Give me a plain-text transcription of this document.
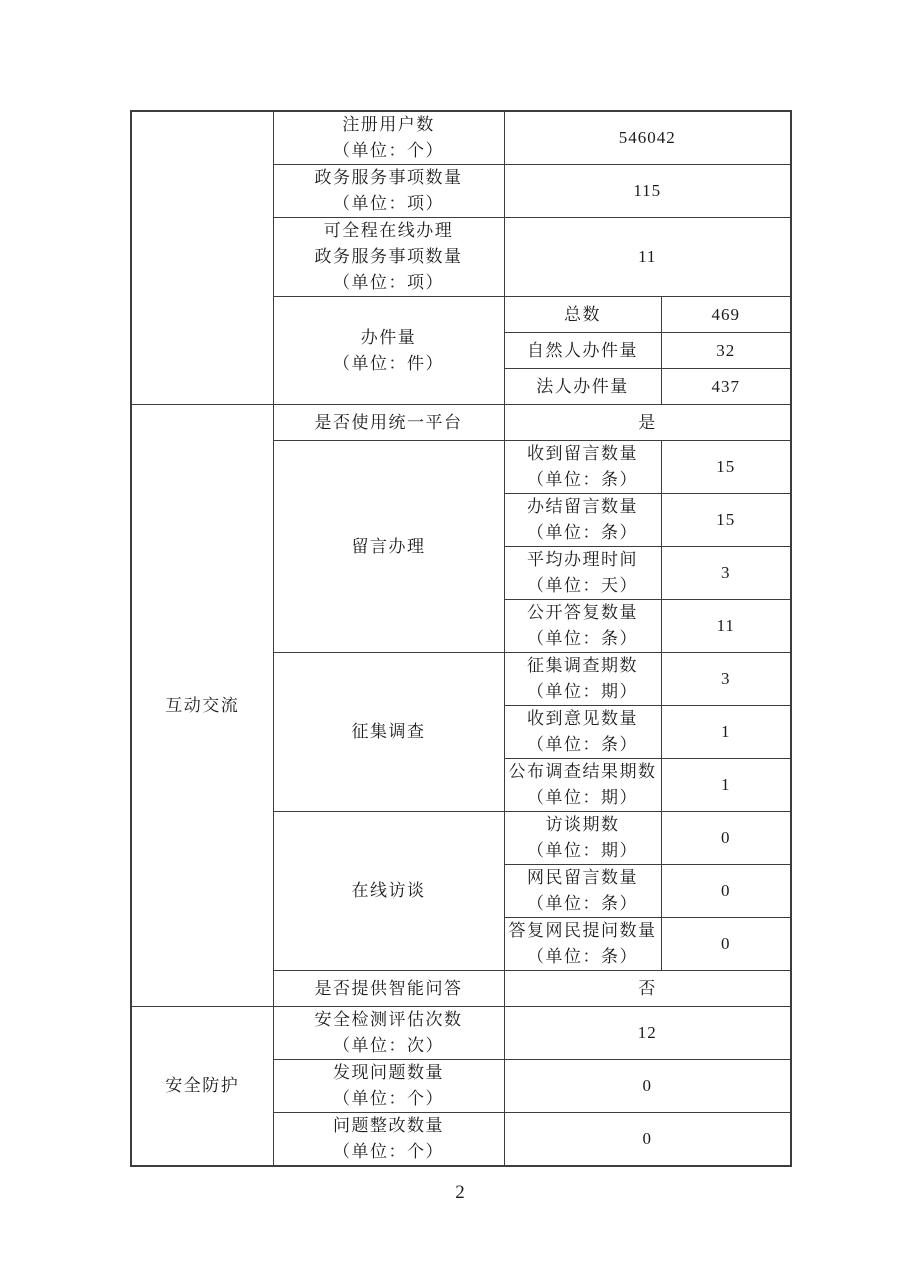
	注册用户数
（单位：个）	546042	

	政务服务事项数量
（单位：项）	115	

	可全程在线办理
政务服务事项数量
（单位：项）	11	

	办件量
（单位：件）	总数	469
		自然人办件量	32
		法人办件量	437
互动交流	是否使用统一平台	是	
	留言办理	收到留言数量
（单位：条）	15

		办结留言数量
（单位：条）	15

		平均办理时间
（单位：天）	3

		公开答复数量
（单位：条）	11
	征集调查	征集调查期数
（单位：期）	3

		收到意见数量
（单位：条）	1

		公布调查结果期数
（单位：期）	1
	在线访谈	访谈期数
（单位：期）	0

		网民留言数量
（单位：条）	0

		答复网民提问数量
（单位：条）	0
	是否提供智能问答	否	
安全防护	安全检测评估次数
（单位：次）	12	

	发现问题数量
（单位：个）	0	

	问题整改数量
（单位：个）	0	
2
